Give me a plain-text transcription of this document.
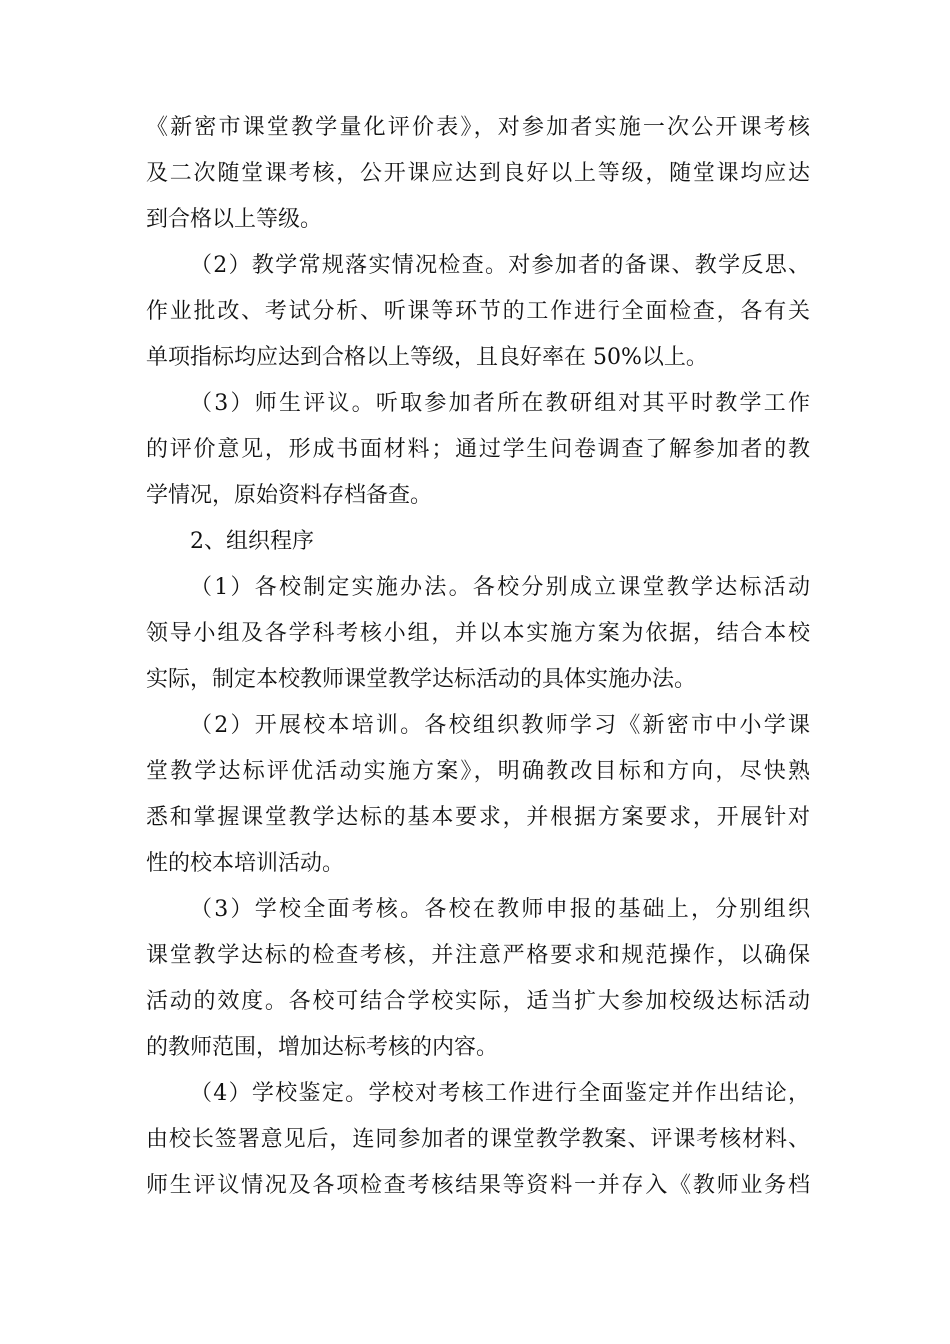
《新密市课堂教学量化评价表》，对参加者实施一次公开课考核
及二次随堂课考核，公开课应达到良好以上等级，随堂课均应达
到合格以上等级。
（2）教学常规落实情况检查。对参加者的备课、教学反思、
作业批改、考试分析、听课等环节的工作进行全面检查，各有关
单项指标均应达到合格以上等级，且良好率在 50%以上。
（3）师生评议。听取参加者所在教研组对其平时教学工作
的评价意见，形成书面材料；通过学生问卷调查了解参加者的教
学情况，原始资料存档备查。
2、组织程序
（1）各校制定实施办法。各校分别成立课堂教学达标活动
领导小组及各学科考核小组，并以本实施方案为依据，结合本校
实际，制定本校教师课堂教学达标活动的具体实施办法。
（2）开展校本培训。各校组织教师学习《新密市中小学课
堂教学达标评优活动实施方案》，明确教改目标和方向，尽快熟
悉和掌握课堂教学达标的基本要求，并根据方案要求，开展针对
性的校本培训活动。
（3）学校全面考核。各校在教师申报的基础上，分别组织
课堂教学达标的检查考核，并注意严格要求和规范操作，以确保
活动的效度。各校可结合学校实际，适当扩大参加校级达标活动
的教师范围，增加达标考核的内容。
（4）学校鉴定。学校对考核工作进行全面鉴定并作出结论，
由校长签署意见后，连同参加者的课堂教学教案、评课考核材料、
师生评议情况及各项检查考核结果等资料一并存入《教师业务档
